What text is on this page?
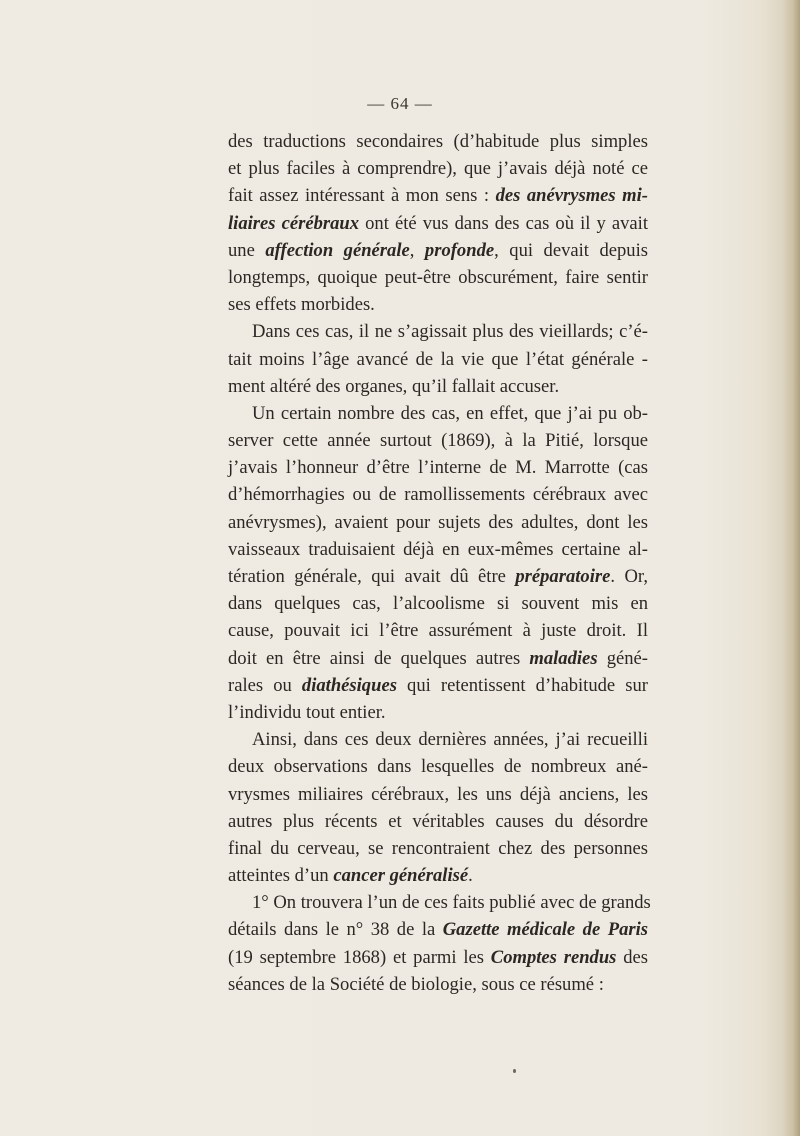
— 64 —
des traductions secondaires (d’habitude plus simples
et plus faciles à comprendre), que j’avais déjà noté ce
fait assez intéressant à mon sens : des anévrysmes mi-
liaires cérébraux ont été vus dans des cas où il y avait
une affection générale, profonde, qui devait depuis
longtemps, quoique peut-être obscurément, faire sentir
ses effets morbides.
Dans ces cas, il ne s’agissait plus des vieillards; c’é-
tait moins l’âge avancé de la vie que l’état générale -
ment altéré des organes, qu’il fallait accuser.
Un certain nombre des cas, en effet, que j’ai pu ob-
server cette année surtout (1869), à la Pitié, lorsque
j’avais l’honneur d’être l’interne de M. Marrotte (cas
d’hémorrhagies ou de ramollissements cérébraux avec
anévrysmes), avaient pour sujets des adultes, dont les
vaisseaux traduisaient déjà en eux-mêmes certaine al-
tération générale, qui avait dû être préparatoire. Or,
dans quelques cas, l’alcoolisme si souvent mis en
cause, pouvait ici l’être assurément à juste droit. Il
doit en être ainsi de quelques autres maladies géné-
rales ou diathésiques qui retentissent d’habitude sur
l’individu tout entier.
Ainsi, dans ces deux dernières années, j’ai recueilli
deux observations dans lesquelles de nombreux ané-
vrysmes miliaires cérébraux, les uns déjà anciens, les
autres plus récents et véritables causes du désordre
final du cerveau, se rencontraient chez des personnes
atteintes d’un cancer généralisé.
1° On trouvera l’un de ces faits publié avec de grands
détails dans le n° 38 de la Gazette médicale de Paris
(19 septembre 1868) et parmi les Comptes rendus des
séances de la Société de biologie, sous ce résumé :
